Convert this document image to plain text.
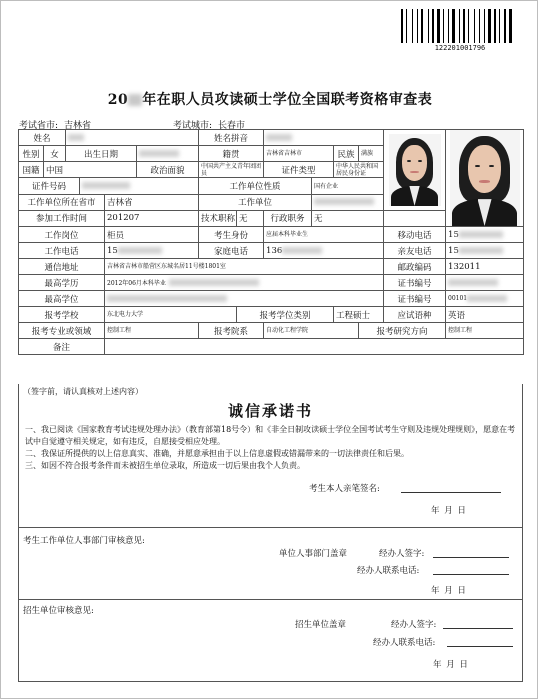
12220100179​6
20 年在职人员攻读硕士学位全国联考资格审查表
考试省市: 吉林省	考试城市: 长春市
姓名						姓名拼音						

性别	女	出生日期				籍贯		吉林省吉林市		民族	满族		
国籍	中国				政治面貌	中国共产主义青年团团员		证件类型		中华人民共和国居民身份证			
证件号码						工作单位性质			国有企业				
工作单位所在省市				吉林省		工作单位							
参加工作时间				201207		技术职称	无	行政职务	无				
工作岗位				柜员		考生身份		应届本科毕业生				移动电话	15
工作电话				15		家庭电话		136				亲友电话	15
通信地址				吉林省吉林市船营区东城名居11号楼1801室								邮政编码	132011
最高学历				2012年06月本科毕业								证书编号	
最高学位												证书编号	00101
报考学校				东北电力大学			报考学位类别			工程硕士		应试语种	英语
报考专业或领域				控制工程		报考院系		自动化工程学院			报考研究方向		控制工程
备注													
（签字前，请认真核对上述内容）
诚信承诺书
一、我已阅读《国家教育考试违规处理办法》（教育部第18号令）和《非全日制攻读硕士学位全国考试考生守则及违规处理规则》，愿意在考试中自觉遵守相关规定，如有违反，自愿接受相应处理。
二、我保证所提供的以上信息真实、准确，并愿意承担由于以上信息虚假或错漏带来的一切法律责任和后果。
三、如因不符合报考条件而未被招生单位录取，所造成一切后果由我个人负责。
考生本人亲笔签名:
年 月 日
考生工作单位人事部门审核意见:
单位人事部门盖章	经办人签字:
经办人联系电话:
年 月 日
招生单位审核意见:
招生单位盖章	经办人签字:
经办人联系电话:
年 月 日
